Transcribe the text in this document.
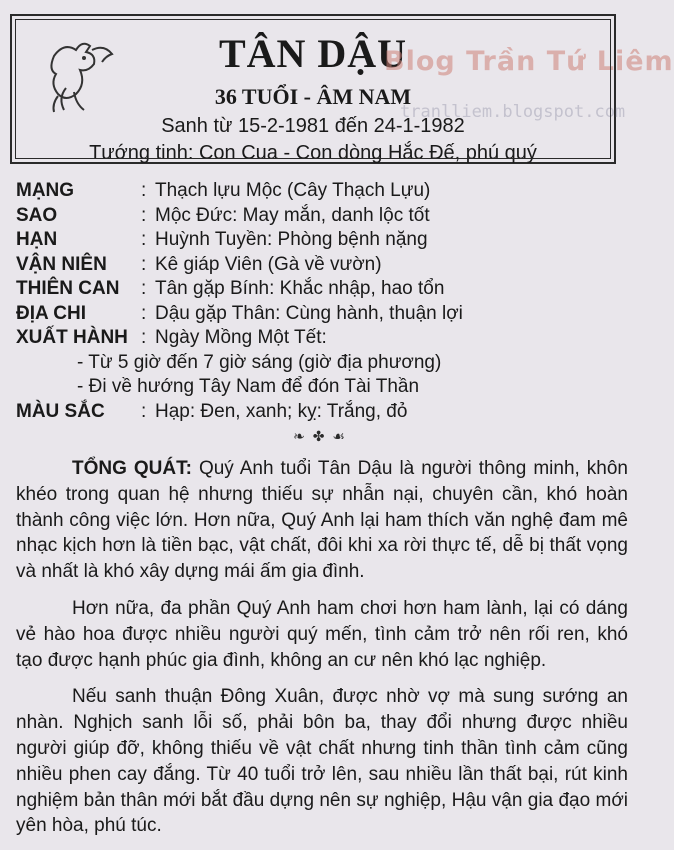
TÂN DẬU
36 TUỔI - ÂM NAM
Sanh từ 15-2-1981 đến 24-1-1982
Tướng tinh: Con Cua - Con dòng Hắc Đế, phú quý
Blog Trần Tứ Liêm
tranlliem.blogspot.com
MẠNG	: Thạch lựu Mộc (Cây Thạch Lựu)
SAO	: Mộc Đức: May mắn, danh lộc tốt
HẠN	: Huỳnh Tuyền: Phòng bệnh nặng
VẬN NIÊN : Kê giáp Viên (Gà về vườn)
THIÊN CAN : Tân gặp Bính: Khắc nhập, hao tổn
ĐỊA CHI	: Dậu gặp Thân: Cùng hành, thuận lợi
XUẤT HÀNH : Ngày Mồng Một Tết:
- Từ 5 giờ đến 7 giờ sáng (giờ địa phương)
- Đi về hướng Tây Nam để đón Tài Thần
MÀU SẮC : Hạp: Đen, xanh; kỵ: Trắng, đỏ
❧ ✤ ☙

TỔNG QUÁT: Quý Anh tuổi Tân Dậu là người thông minh, khôn khéo trong quan hệ nhưng thiếu sự nhẫn nại, chuyên cần, khó hoàn thành công việc lớn. Hơn nữa, Quý Anh lại ham thích văn nghệ đam mê nhạc kịch hơn là tiền bạc, vật chất, đôi khi xa rời thực tế, dễ bị thất vọng và nhất là khó xây dựng mái ấm gia đình.

Hơn nữa, đa phần Quý Anh ham chơi hơn ham lành, lại có dáng vẻ hào hoa được nhiều người quý mến, tình cảm trở nên rối ren, khó tạo được hạnh phúc gia đình, không an cư nên khó lạc nghiệp.

Nếu sanh thuận Đông Xuân, được nhờ vợ mà sung sướng an nhàn. Nghịch sanh lỗi số, phải bôn ba, thay đổi nhưng được nhiều người giúp đỡ, không thiếu về vật chất nhưng tinh thần tình cảm cũng nhiều phen cay đắng. Từ 40 tuổi trở lên, sau nhiều lần thất bại, rút kinh nghiệm bản thân mới bắt đầu dựng nên sự nghiệp, Hậu vận gia đạo mới yên hòa, phú túc.
